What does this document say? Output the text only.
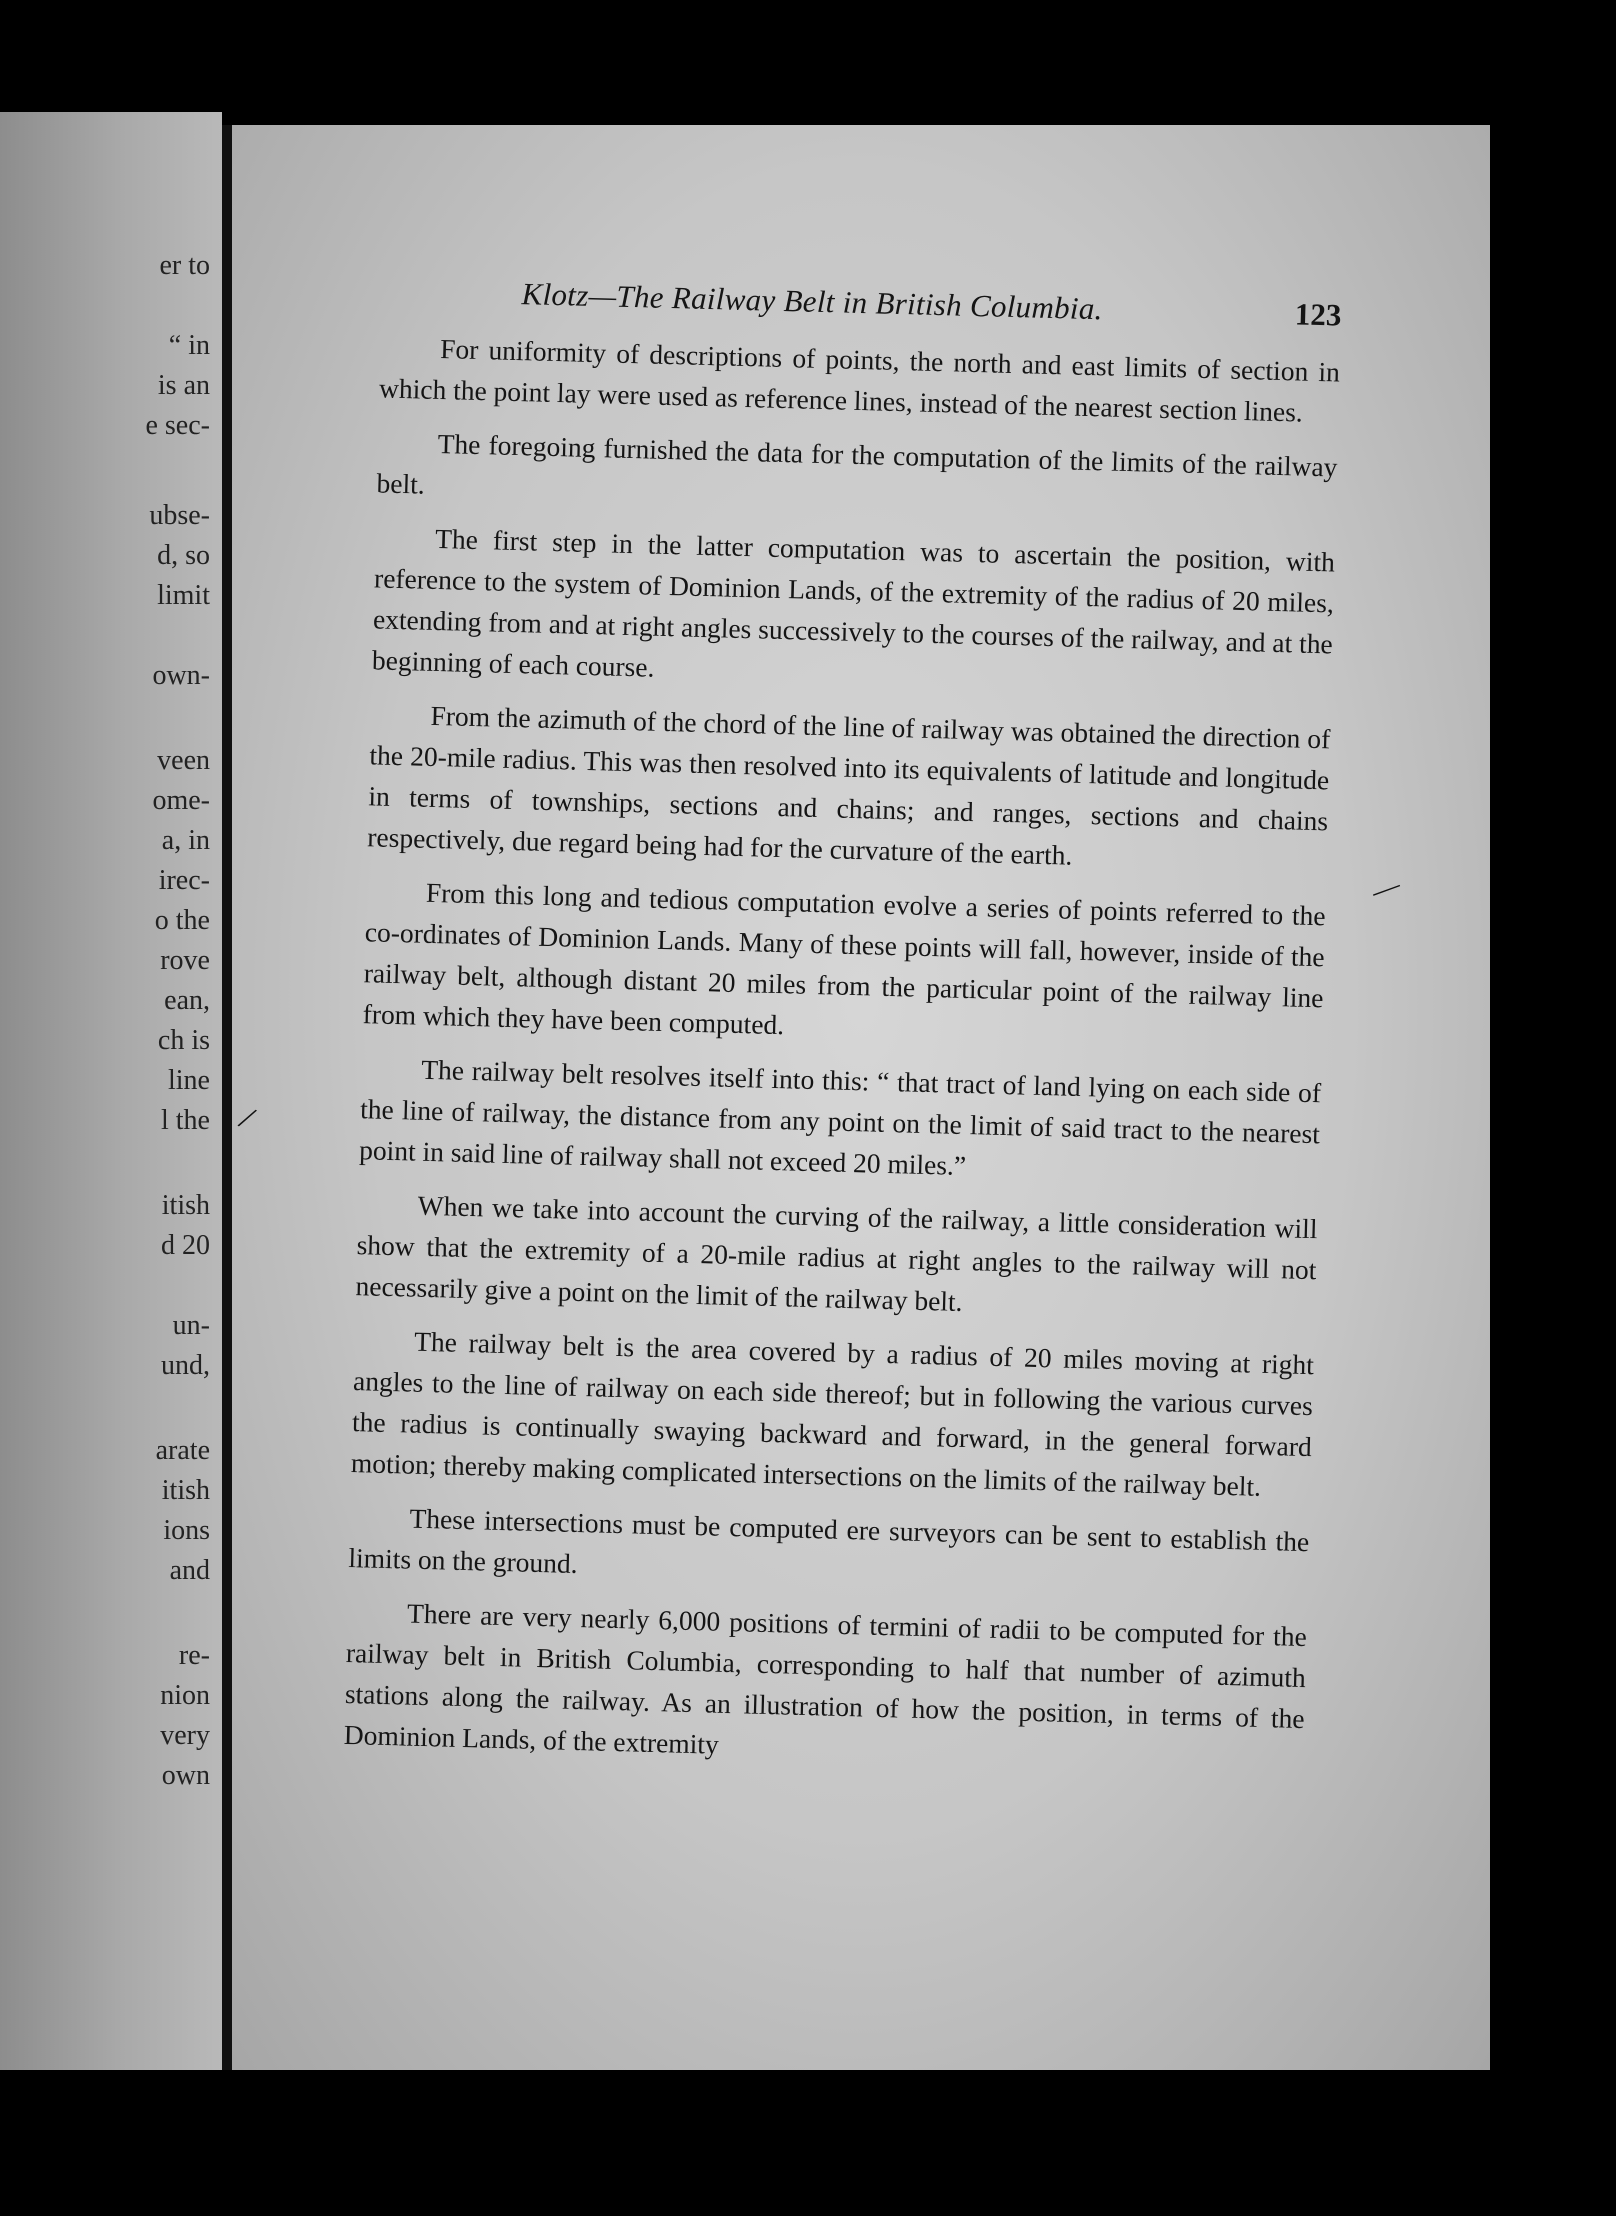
er to
“ in
is an
e sec-
ubse-
d, so
limit
own-
veen
ome-
a, in
irec-
o the
rove
ean,
ch is
line
l the
itish
d 20
un-
und,
arate
itish
ions
and
re-
nion
very
own
Klotz—The Railway Belt in British Columbia.	123

For uniformity of descriptions of points, the north and east limits of section in which the point lay were used as reference lines, instead of the nearest section lines.

The foregoing furnished the data for the computation of the limits of the railway belt.

The first step in the latter computation was to ascertain the position, with reference to the system of Dominion Lands, of the extremity of the radius of 20 miles, extending from and at right angles successively to the courses of the railway, and at the beginning of each course.

From the azimuth of the chord of the line of railway was obtained the direction of the 20-mile radius. This was then resolved into its equivalents of latitude and longitude in terms of townships, sections and chains; and ranges, sections and chains respectively, due regard being had for the curvature of the earth.

From this long and tedious computation evolve a series of points referred to the co-ordinates of Dominion Lands. Many of these points will fall, however, inside of the railway belt, although distant 20 miles from the particular point of the railway line from which they have been computed.

The railway belt resolves itself into this: “ that tract of land lying on each side of the line of railway, the distance from any point on the limit of said tract to the nearest point in said line of railway shall not exceed 20 miles.”

When we take into account the curving of the railway, a little consideration will show that the extremity of a 20-mile radius at right angles to the railway will not necessarily give a point on the limit of the railway belt.

The railway belt is the area covered by a radius of 20 miles moving at right angles to the line of railway on each side thereof; but in following the various curves the radius is continually swaying backward and forward, in the general forward motion; thereby making complicated intersections on the limits of the railway belt.

These intersections must be computed ere surveyors can be sent to establish the limits on the ground.

There are very nearly 6,000 positions of termini of radii to be computed for the railway belt in British Columbia, corresponding to half that number of azimuth stations along the railway. As an illustration of how the position, in terms of the Dominion Lands, of the extremity

/
―
